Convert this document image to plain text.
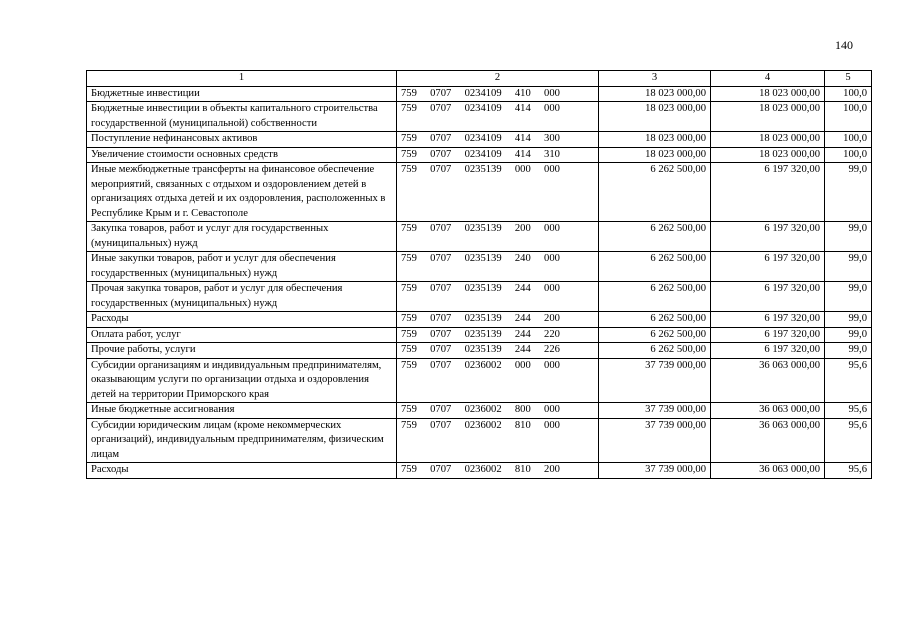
140
1	2	3	4	5
Бюджетные инвестиции	759     0707     0234109     410     000	18 023 000,00	18 023 000,00	100,0
Бюджетные инвестиции в объекты капитального строительства государственной (муниципальной) собственности	759     0707     0234109     414     000	18 023 000,00	18 023 000,00	100,0
Поступление нефинансовых активов	759     0707     0234109     414     300	18 023 000,00	18 023 000,00	100,0
Увеличение стоимости основных средств	759     0707     0234109     414     310	18 023 000,00	18 023 000,00	100,0
Иные межбюджетные трансферты на финансовое обеспечение мероприятий, связанных с отдыхом и оздоровлением детей в организациях отдыха детей и их оздоровления, расположенных в Республике Крым и г. Севастополе	759     0707     0235139     000     000	6 262 500,00	6 197 320,00	99,0
Закупка товаров, работ и услуг для государственных (муниципальных) нужд	759     0707     0235139     200     000	6 262 500,00	6 197 320,00	99,0
Иные закупки товаров, работ и услуг для обеспечения государственных (муниципальных) нужд	759     0707     0235139     240     000	6 262 500,00	6 197 320,00	99,0
Прочая закупка товаров, работ и услуг для обеспечения государственных (муниципальных) нужд	759     0707     0235139     244     000	6 262 500,00	6 197 320,00	99,0
Расходы	759     0707     0235139     244     200	6 262 500,00	6 197 320,00	99,0
Оплата работ, услуг	759     0707     0235139     244     220	6 262 500,00	6 197 320,00	99,0
Прочие работы, услуги	759     0707     0235139     244     226	6 262 500,00	6 197 320,00	99,0
Субсидии организациям и индивидуальным предпринимателям, оказывающим услуги по организации отдыха и оздоровления детей на территории Приморского края	759     0707     0236002     000     000	37 739 000,00	36 063 000,00	95,6
Иные бюджетные ассигнования	759     0707     0236002     800     000	37 739 000,00	36 063 000,00	95,6
Субсидии юридическим лицам (кроме некоммерческих организаций), индивидуальным предпринимателям, физическим лицам	759     0707     0236002     810     000	37 739 000,00	36 063 000,00	95,6
Расходы	759     0707     0236002     810     200	37 739 000,00	36 063 000,00	95,6
